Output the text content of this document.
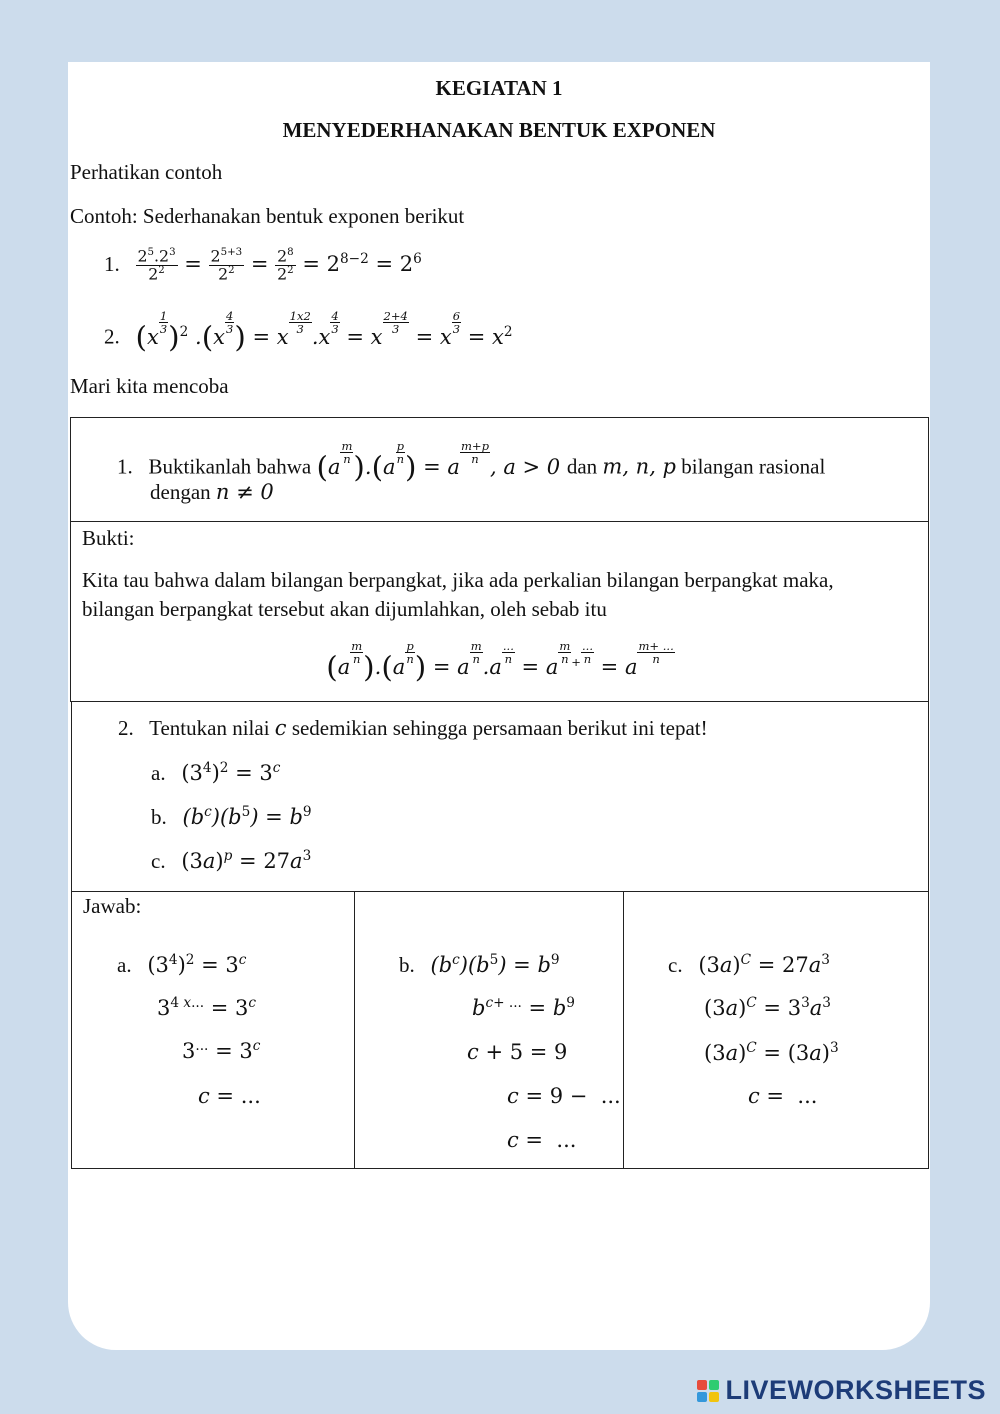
KEGIATAN 1
MENYEDERHANAKAN BENTUK EXPONEN
Perhatikan contoh
Contoh: Sederhanakan bentuk exponen berikut
1. $\frac{2^5.2^3}{2^2} = \frac{2^{5+3}}{2^2} = \frac{2^8}{2^2} = 2^{8-2} = 2^6$
2. (x
$\frac{1}{3} )^2$ .(x
$\frac{4}{3}$ ) = x
$\frac{1x2}{3}$
.x
$\frac{4}{3}$
= x
$\frac{2+4}{3}$
= x
$\frac{6}{3}$
= $x^2$
Mari kita mencoba
1. Buktikanlah bahwa (a
$\frac{m}{n} ).(a$
$\frac{p}{n}$ ) = a
$\frac{m+p}{n}$
, a > 0 dan m, n, p bilangan rasional
dengan n ≠ 0
Bukti:
Kita tau bahwa dalam bilangan berpangkat, jika ada perkalian bilangan berpangkat maka,
bilangan berpangkat tersebut akan dijumlahkan, oleh sebab itu
(a
$\frac{m}{n} ).(a$
$\frac{p}{n}$ ) = a
$\frac{m}{n}$
.a
$\frac{...}{n}$
= a
$\frac{m}{n} ^+ \frac{...}{n}$
= a
$\frac{m+ ...}{n}$
2. Tentukan nilai c sedemikian sehingga persamaan berikut ini tepat!
a. $(3^4)^2 = 3^c$
b. $(b^c)(b^5) = b^9$
c. $(3a)^p = 27a^3$
Jawab:
a. $(3^4)^2 = 3^c$
$3^{4 x...} = 3^c$
$3^{...} = 3^c$
c = ...
b. $(b^c)(b^5) = b^9$
$b^{c+ ...} = b^9$
c + 5 = 9
c = 9 −  ...
c =  ...
c. $(3a)^C = 27a^3$
$(3a)^C = 3^3a^3$
$(3a)^C = (3a)^3$
c =  ...
LIVEWORKSHEETS
